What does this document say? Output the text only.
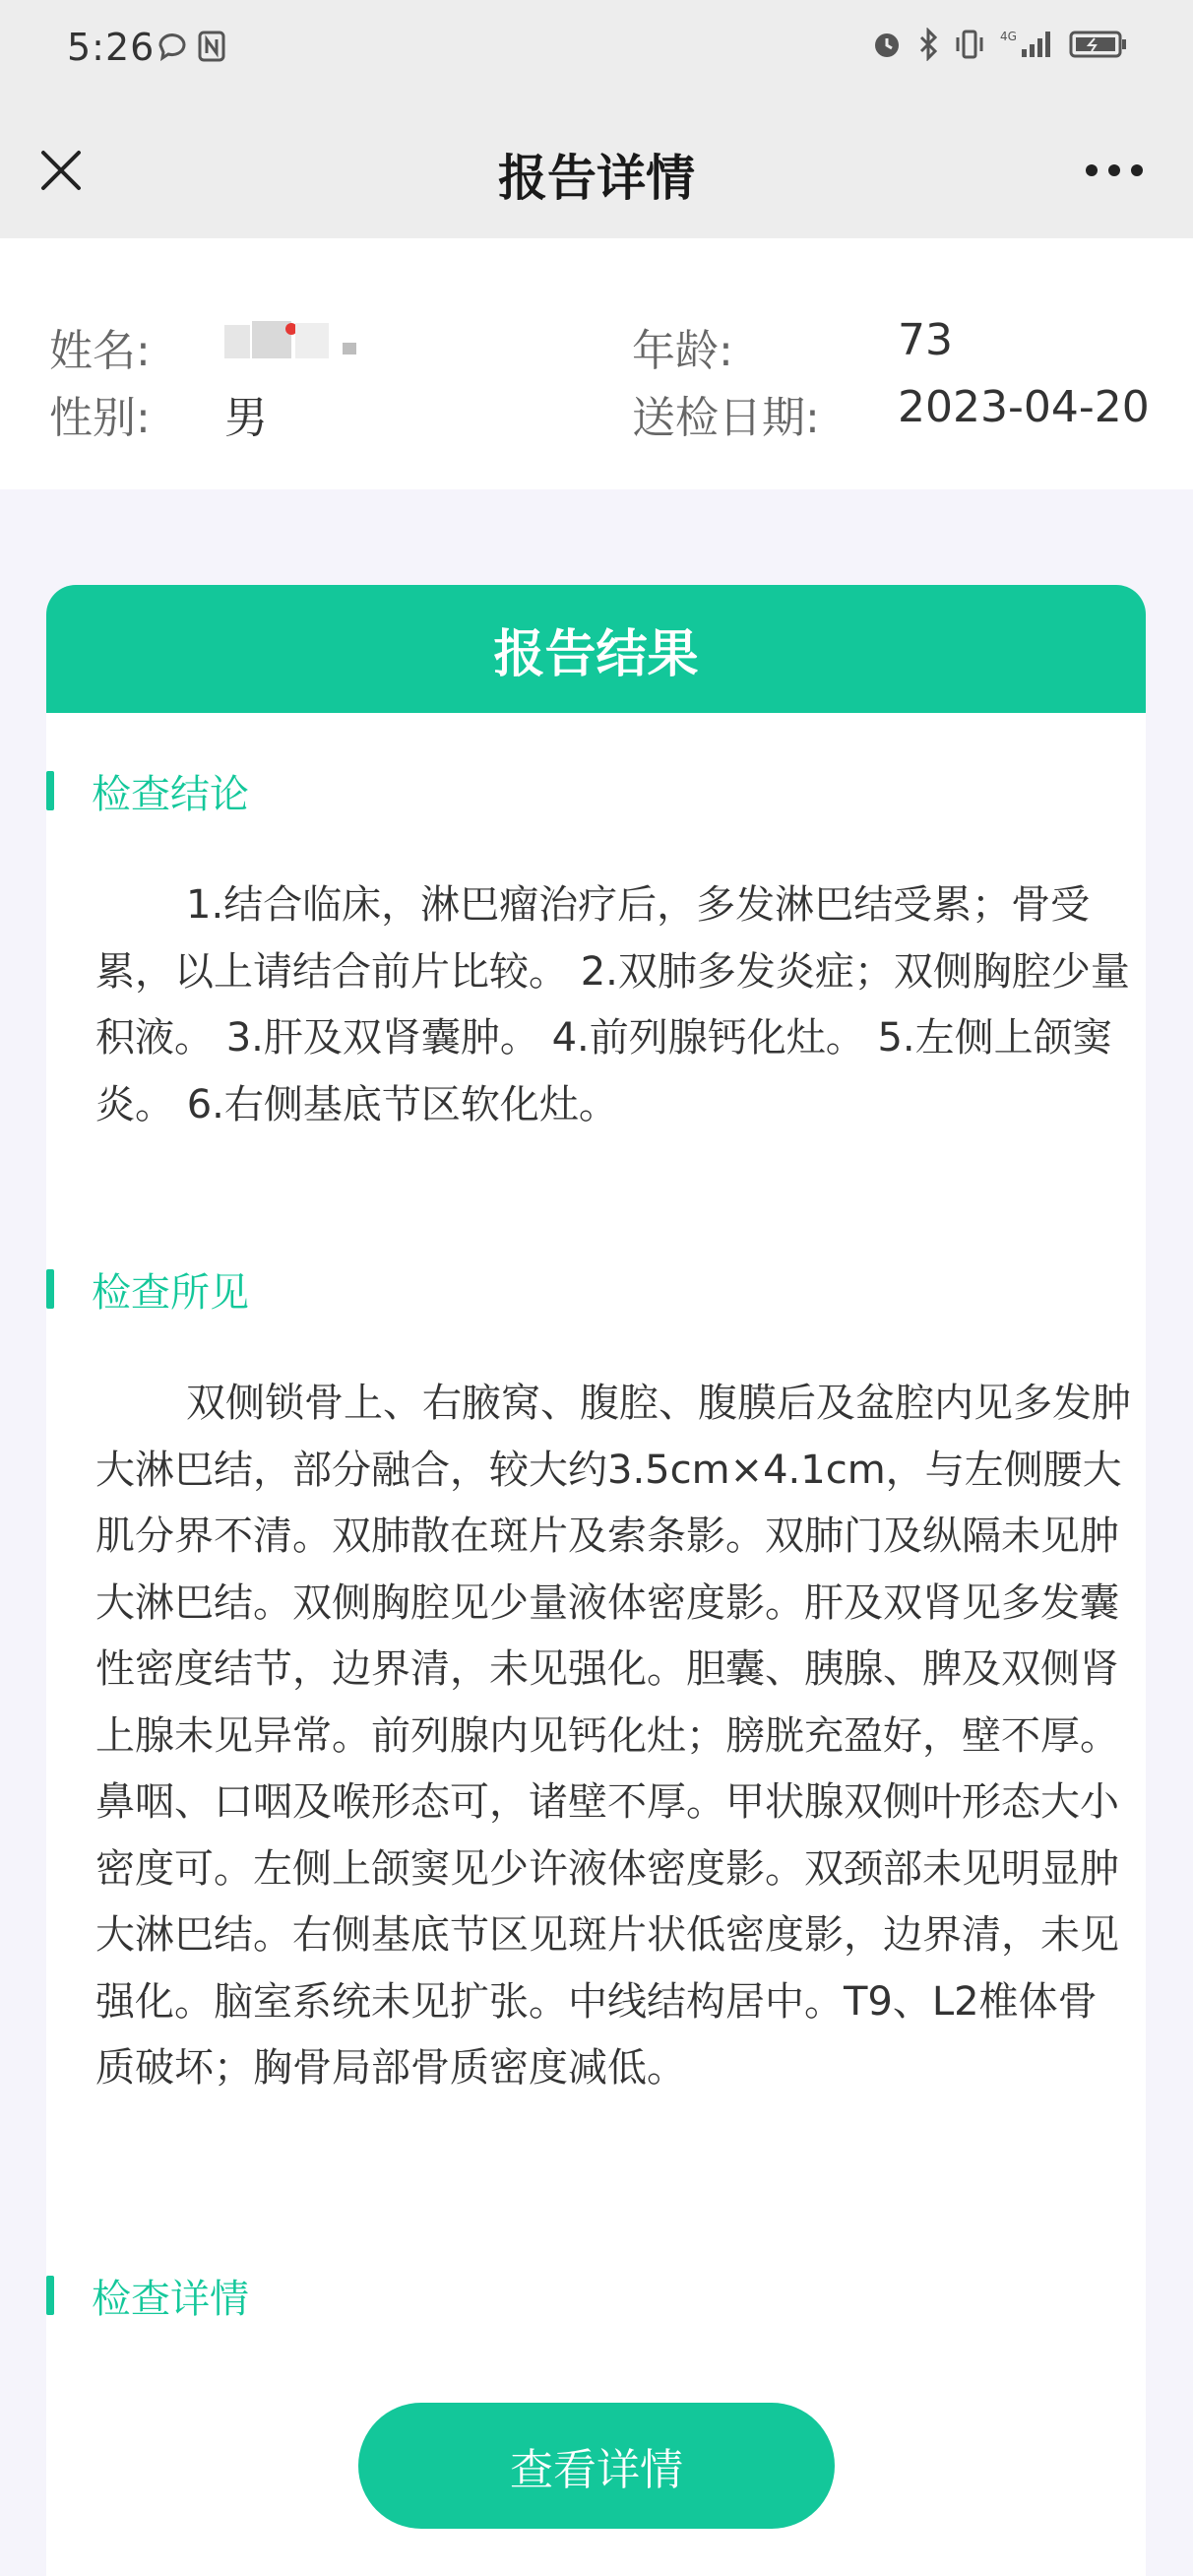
5:26	4G
报告详情
姓名:	年龄:	73
性别: 男	送检日期: 2023-04-20
报告结果
检查结论
1.结合临床，淋巴瘤治疗后，多发淋巴结受累；骨受累，以上请结合前片比较。 2.双肺多发炎症；双侧胸腔少量积液。 3.肝及双肾囊肿。 4.前列腺钙化灶。 5.左侧上颌窦炎。 6.右侧基底节区软化灶。
检查所见
双侧锁骨上、右腋窝、腹腔、腹膜后及盆腔内见多发肿大淋巴结，部分融合，较大约3.5cm×4.1cm，与左侧腰大肌分界不清。双肺散在斑片及索条影。双肺门及纵隔未见肿大淋巴结。双侧胸腔见少量液体密度影。肝及双肾见多发囊性密度结节，边界清，未见强化。胆囊、胰腺、脾及双侧肾上腺未见异常。前列腺内见钙化灶；膀胱充盈好，壁不厚。鼻咽、口咽及喉形态可，诸壁不厚。甲状腺双侧叶形态大小密度可。左侧上颌窦见少许液体密度影。双颈部未见明显肿大淋巴结。右侧基底节区见斑片状低密度影，边界清，未见强化。脑室系统未见扩张。中线结构居中。T9、L2椎体骨质破坏；胸骨局部骨质密度减低。
检查详情
查看详情
